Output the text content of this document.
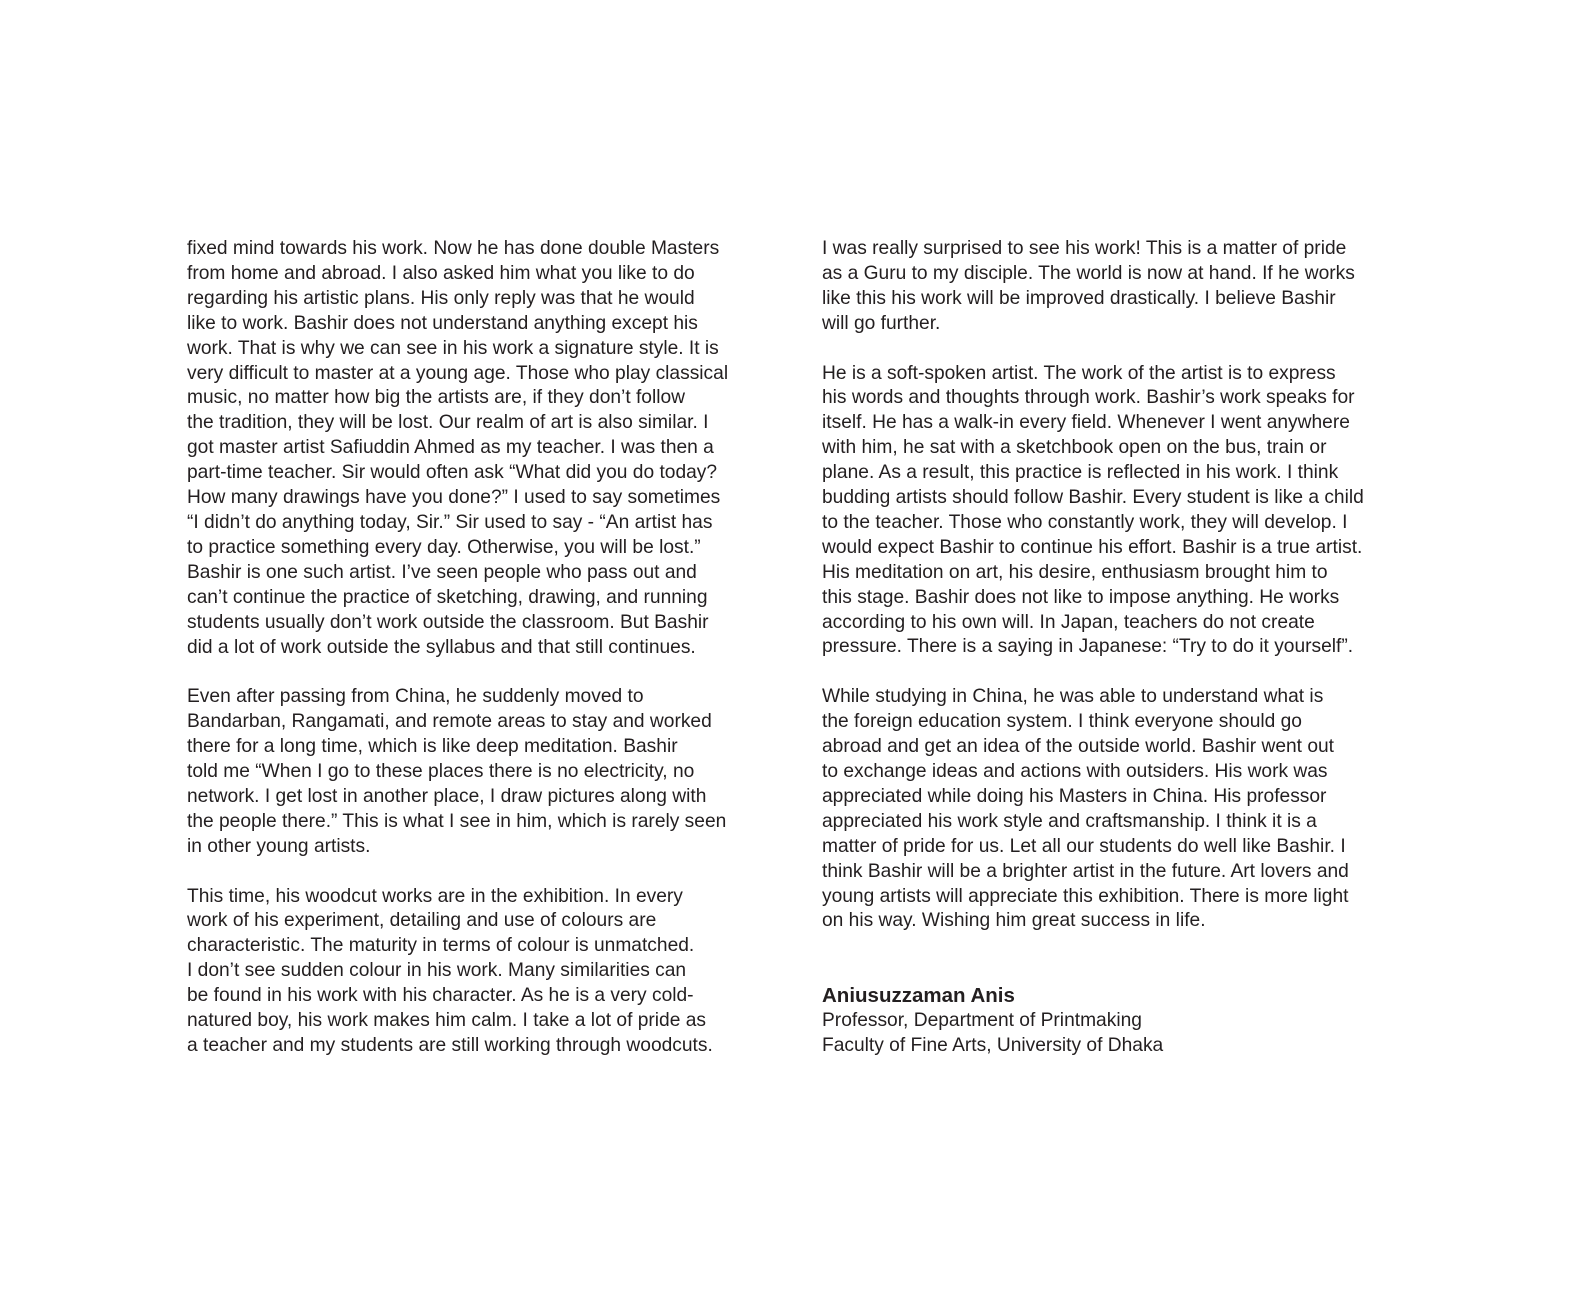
fixed mind towards his work. Now he has done double Masters
from home and abroad. I also asked him what you like to do
regarding his artistic plans. His only reply was that he would
like to work. Bashir does not understand anything except his
work. That is why we can see in his work a signature style. It is
very difficult to master at a young age. Those who play classical
music, no matter how big the artists are, if they don’t follow
the tradition, they will be lost. Our realm of art is also similar. I
got master artist Safiuddin Ahmed as my teacher. I was then a
part-time teacher. Sir would often ask “What did you do today?
How many drawings have you done?” I used to say sometimes
“I didn’t do anything today, Sir.” Sir used to say - “An artist has
to practice something every day. Otherwise, you will be lost.”
Bashir is one such artist. I’ve seen people who pass out and
can’t continue the practice of sketching, drawing, and running
students usually don’t work outside the classroom. But Bashir
did a lot of work outside the syllabus and that still continues.

Even after passing from China, he suddenly moved to
Bandarban, Rangamati, and remote areas to stay and worked
there for a long time, which is like deep meditation. Bashir
told me “When I go to these places there is no electricity, no
network. I get lost in another place, I draw pictures along with
the people there.” This is what I see in him, which is rarely seen
in other young artists.

This time, his woodcut works are in the exhibition. In every
work of his experiment, detailing and use of colours are
characteristic. The maturity in terms of colour is unmatched.
I don’t see sudden colour in his work. Many similarities can
be found in his work with his character. As he is a very cold-
natured boy, his work makes him calm. I take a lot of pride as
a teacher and my students are still working through woodcuts.

I was really surprised to see his work! This is a matter of pride
as a Guru to my disciple. The world is now at hand. If he works
like this his work will be improved drastically. I believe Bashir
will go further.

He is a soft-spoken artist. The work of the artist is to express
his words and thoughts through work. Bashir’s work speaks for
itself. He has a walk-in every field. Whenever I went anywhere
with him, he sat with a sketchbook open on the bus, train or
plane. As a result, this practice is reflected in his work. I think
budding artists should follow Bashir. Every student is like a child
to the teacher. Those who constantly work, they will develop. I
would expect Bashir to continue his effort. Bashir is a true artist.
His meditation on art, his desire, enthusiasm brought him to
this stage. Bashir does not like to impose anything. He works
according to his own will. In Japan, teachers do not create
pressure. There is a saying in Japanese: “Try to do it yourself”.

While studying in China, he was able to understand what is
the foreign education system. I think everyone should go
abroad and get an idea of the outside world. Bashir went out
to exchange ideas and actions with outsiders. His work was
appreciated while doing his Masters in China. His professor
appreciated his work style and craftsmanship. I think it is a
matter of pride for us. Let all our students do well like Bashir. I
think Bashir will be a brighter artist in the future. Art lovers and
young artists will appreciate this exhibition. There is more light
on his way. Wishing him great success in life.

Aniusuzzaman Anis
Professor, Department of Printmaking
Faculty of Fine Arts, University of Dhaka
